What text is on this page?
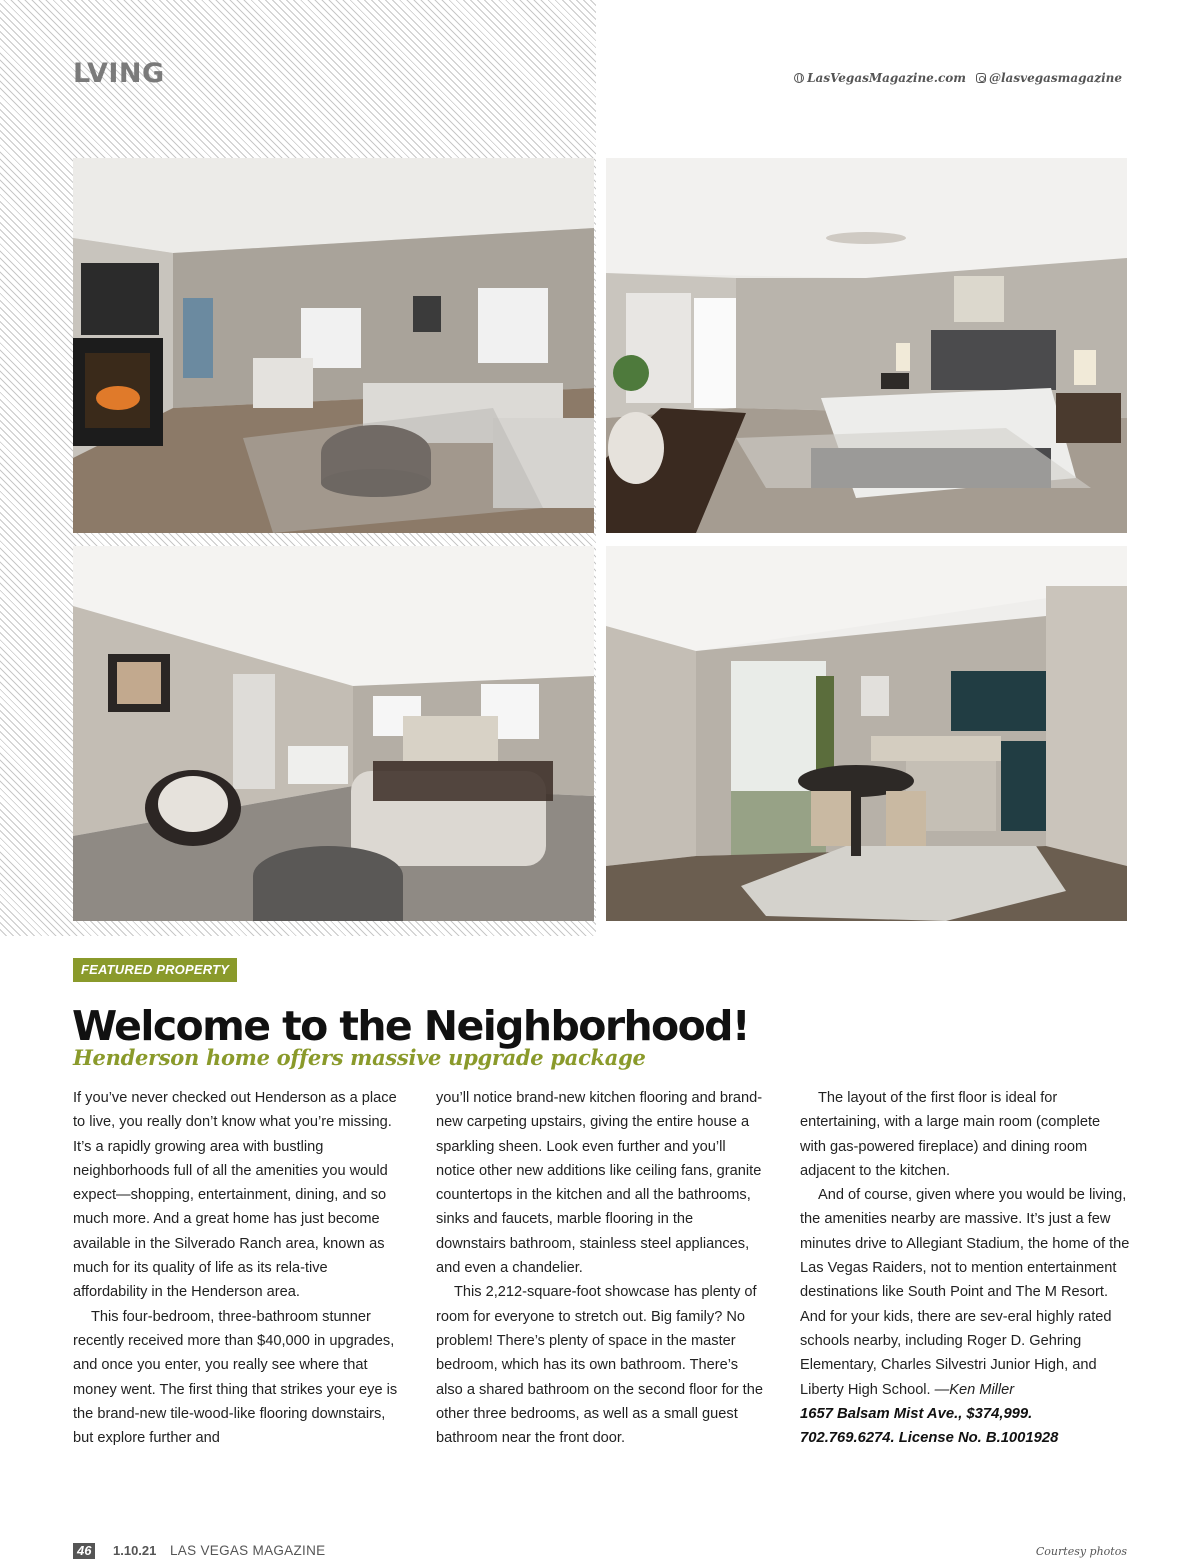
LVING	LasVegasMagazine.com @lasvegasmagazine
FEATURED PROPERTY
Welcome to the Neighborhood!
Henderson home offers massive upgrade package

If you’ve never checked out Henderson as a place to live, you really don’t know what you’re missing. It’s a rapidly growing area with bustling neighborhoods full of all the amenities you would expect—shopping, entertainment, dining, and so much more. And a great home has just become available in the Silverado Ranch area, known as much for its quality of life as its rela-tive affordability in the Henderson area.

This four-bedroom, three-bathroom stunner recently received more than $40,000 in upgrades, and once you enter, you really see where that money went. The first thing that strikes your eye is the brand-new tile-wood-like flooring downstairs, but explore further and

you’ll notice brand-new kitchen flooring and brand-new carpeting upstairs, giving the entire house a sparkling sheen. Look even further and you’ll notice other new additions like ceiling fans, granite countertops in the kitchen and all the bathrooms, sinks and faucets, marble flooring in the downstairs bathroom, stainless steel appliances, and even a chandelier.

This 2,212-square-foot showcase has plenty of room for everyone to stretch out. Big family? No problem! There’s plenty of space in the master bedroom, which has its own bathroom. There’s also a shared bathroom on the second floor for the other three bedrooms, as well as a small guest bathroom near the front door.

The layout of the first floor is ideal for entertaining, with a large main room (complete with gas-powered fireplace) and dining room adjacent to the kitchen.

And of course, given where you would be living, the amenities nearby are massive. It’s just a few minutes drive to Allegiant Stadium, the home of the Las Vegas Raiders, not to mention entertainment destinations like South Point and The M Resort. And for your kids, there are sev-eral highly rated schools nearby, including Roger D. Gehring Elementary, Charles Silvestri Junior High, and Liberty High School. —Ken Miller

1657 Balsam Mist Ave., $374,999.

702.769.6274. License No. B.1001928

46	1.10.21 LAS VEGAS MAGAZINE	Courtesy photos
